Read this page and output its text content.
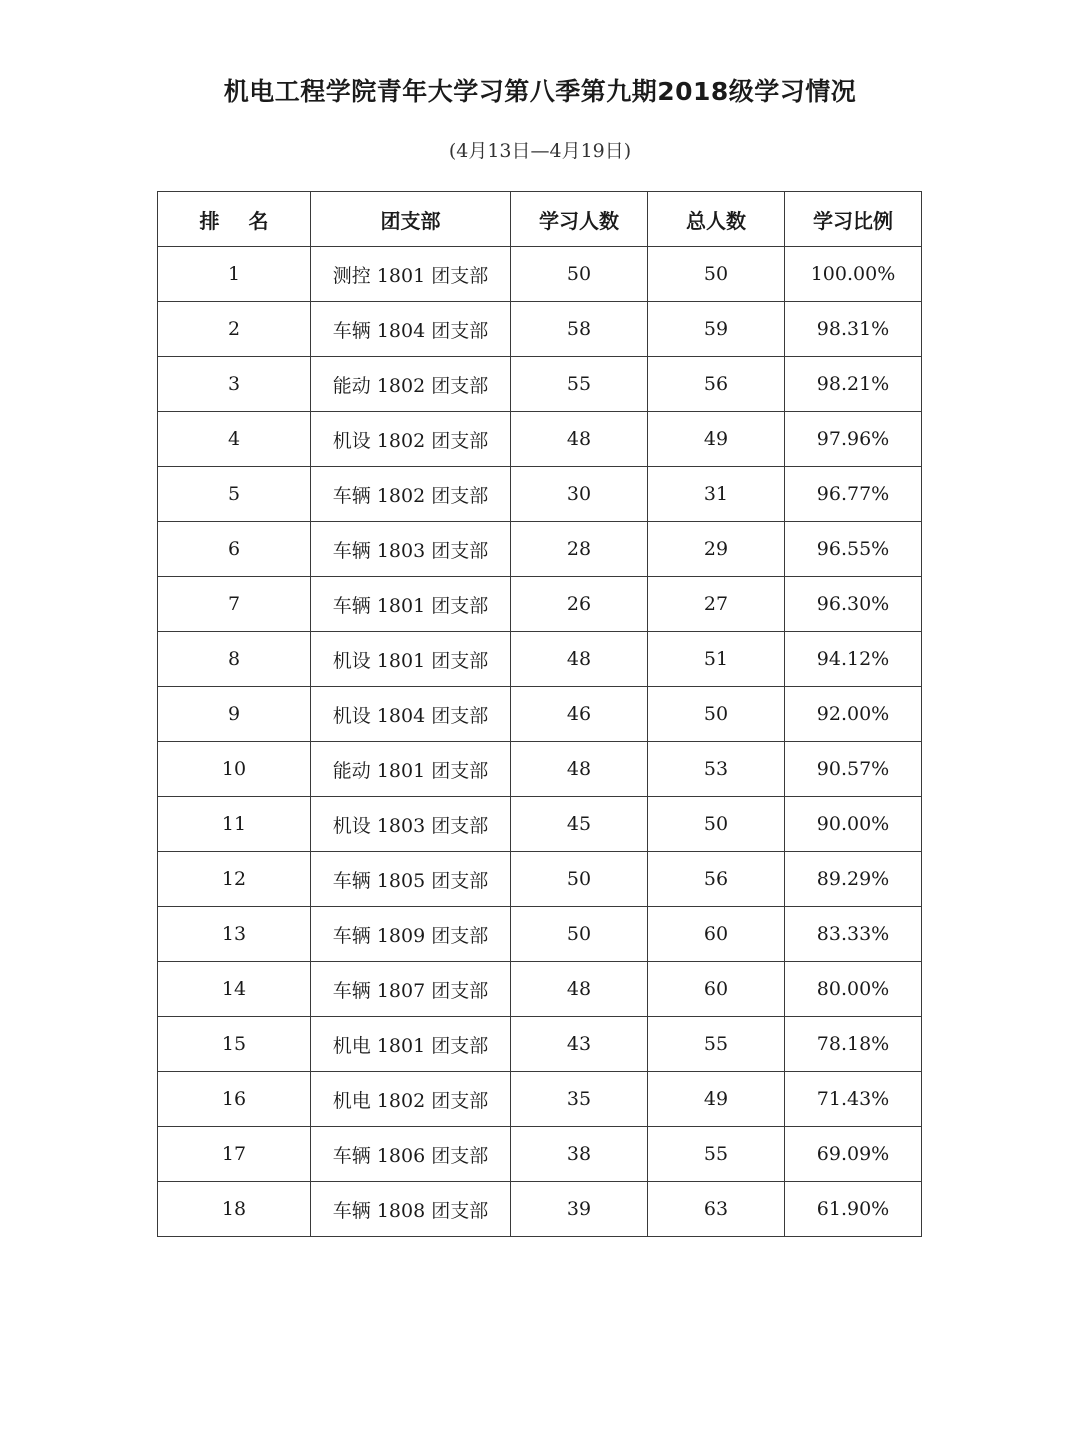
机电工程学院青年大学习第八季第九期2018级学习情况
(4月13日—4月19日)
排 名	团支部	学习人数	总人数	学习比例
1	测控 1801 团支部	50	50	100.00%
2	车辆 1804 团支部	58	59	98.31%
3	能动 1802 团支部	55	56	98.21%
4	机设 1802 团支部	48	49	97.96%
5	车辆 1802 团支部	30	31	96.77%
6	车辆 1803 团支部	28	29	96.55%
7	车辆 1801 团支部	26	27	96.30%
8	机设 1801 团支部	48	51	94.12%
9	机设 1804 团支部	46	50	92.00%
10	能动 1801 团支部	48	53	90.57%
11	机设 1803 团支部	45	50	90.00%
12	车辆 1805 团支部	50	56	89.29%
13	车辆 1809 团支部	50	60	83.33%
14	车辆 1807 团支部	48	60	80.00%
15	机电 1801 团支部	43	55	78.18%
16	机电 1802 团支部	35	49	71.43%
17	车辆 1806 团支部	38	55	69.09%
18	车辆 1808 团支部	39	63	61.90%
